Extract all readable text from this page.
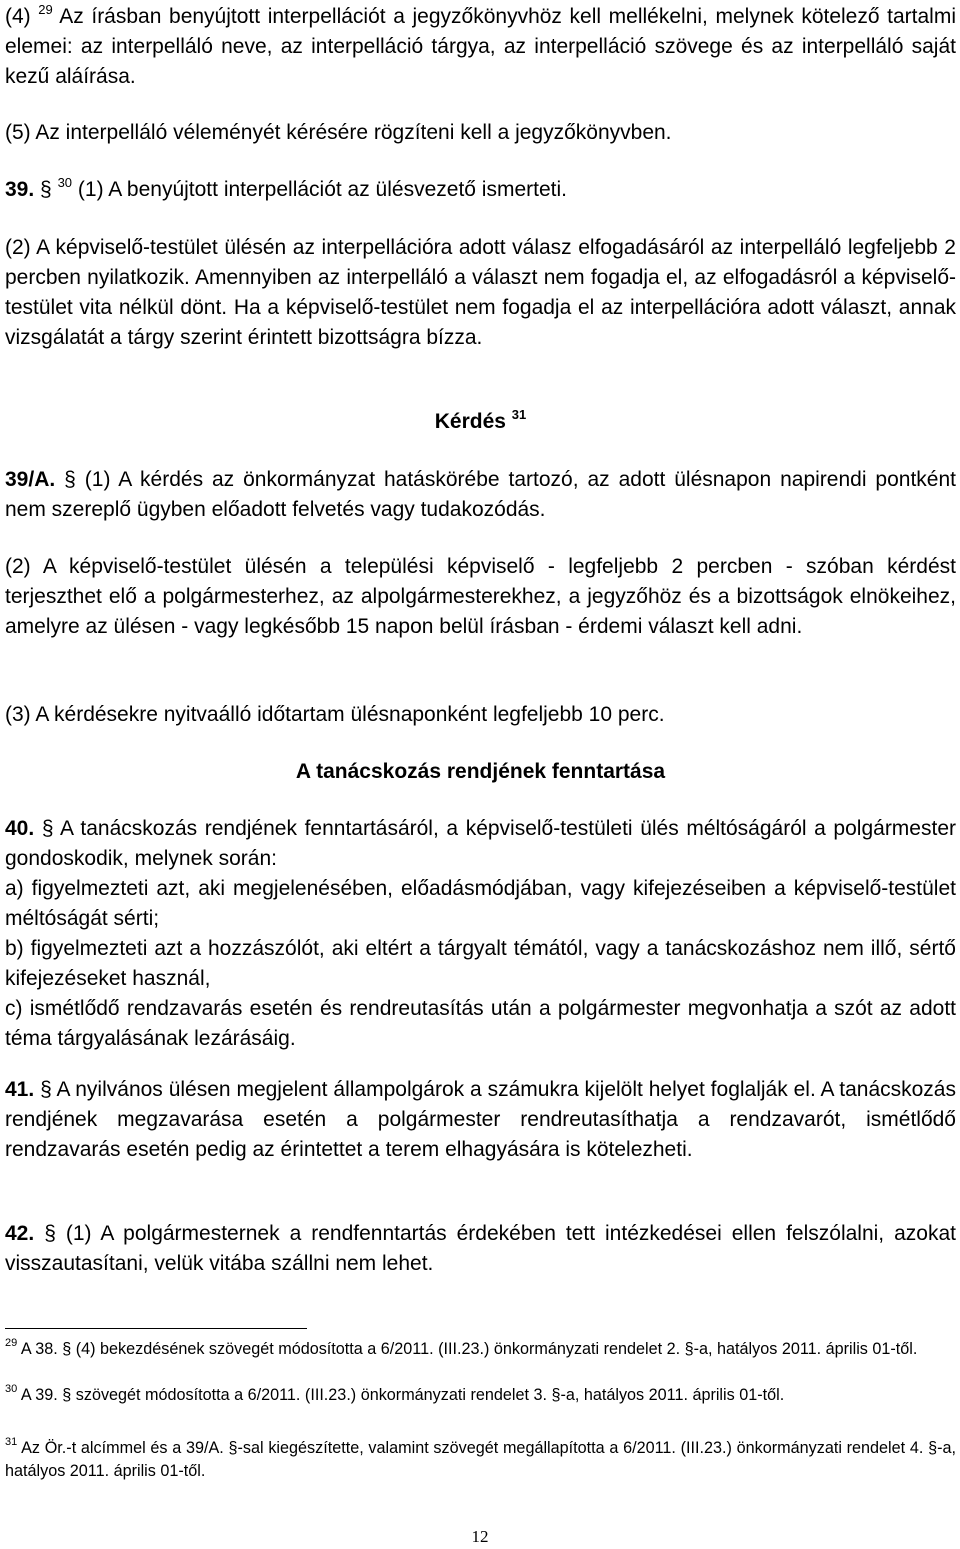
(4) $^{29}$ Az írásban benyújtott interpellációt a jegyzőkönyvhöz kell mellékelni, melynek kötelező tartalmi elemei: az interpelláló neve, az interpelláció tárgya, az interpelláció szövege és az interpelláló saját kezű aláírása.

(5) Az interpelláló véleményét kérésére rögzíteni kell a jegyzőkönyvben.

39. § $^{30}$ (1) A benyújtott interpellációt az ülésvezető ismerteti.

(2) A képviselő-testület ülésén az interpellációra adott válasz elfogadásáról az interpelláló legfeljebb 2 percben nyilatkozik. Amennyiben az interpelláló a választ nem fogadja el, az elfogadásról a képviselő-testület vita nélkül dönt. Ha a képviselő-testület nem fogadja el az interpellációra adott választ, annak vizsgálatát a tárgy szerint érintett bizottságra bízza.

Kérdés $^{31}$

39/A. § (1) A kérdés az önkormányzat hatáskörébe tartozó, az adott ülésnapon napirendi pontként nem szereplő ügyben előadott felvetés vagy tudakozódás.

(2) A képviselő-testület ülésén a települési képviselő - legfeljebb 2 percben - szóban kérdést terjeszthet elő a polgármesterhez, az alpolgármesterekhez, a jegyzőhöz és a bizottságok elnökeihez, amelyre az ülésen - vagy legkésőbb 15 napon belül írásban - érdemi választ kell adni.

(3) A kérdésekre nyitvaálló időtartam ülésnaponként legfeljebb 10 perc.

A tanácskozás rendjének fenntartása

40. § A tanácskozás rendjének fenntartásáról, a képviselő-testületi ülés méltóságáról a polgármester gondoskodik, melynek során:

a) figyelmezteti azt, aki megjelenésében, előadásmódjában, vagy kifejezéseiben a képviselő-testület méltóságát sérti;

b) figyelmezteti azt a hozzászólót, aki eltért a tárgyalt témától, vagy a tanácskozáshoz nem illő, sértő kifejezéseket használ,

c) ismétlődő rendzavarás esetén és rendreutasítás után a polgármester megvonhatja a szót az adott téma tárgyalásának lezárásáig.

41. § A nyilvános ülésen megjelent állampolgárok a számukra kijelölt helyet foglalják el. A tanácskozás rendjének megzavarása esetén a polgármester rendreutasíthatja a rendzavarót, ismétlődő rendzavarás esetén pedig az érintettet a terem elhagyására is kötelezheti.

42. § (1) A polgármesternek a rendfenntartás érdekében tett intézkedései ellen felszólalni, azokat visszautasítani, velük vitába szállni nem lehet.

$^{29}$ A 38. § (4) bekezdésének szövegét módosította a 6/2011. (III.23.) önkormányzati rendelet 2. §-a, hatályos 2011. április 01-től.

$^{30}$ A 39. § szövegét módosította a 6/2011. (III.23.) önkormányzati rendelet 3. §-a, hatályos 2011. április 01-től.

$^{31}$ Az Ör.-t alcímmel és a 39/A. §-sal kiegészítette, valamint szövegét megállapította a 6/2011. (III.23.) önkormányzati rendelet 4. §-a, hatályos 2011. április 01-től.

12
